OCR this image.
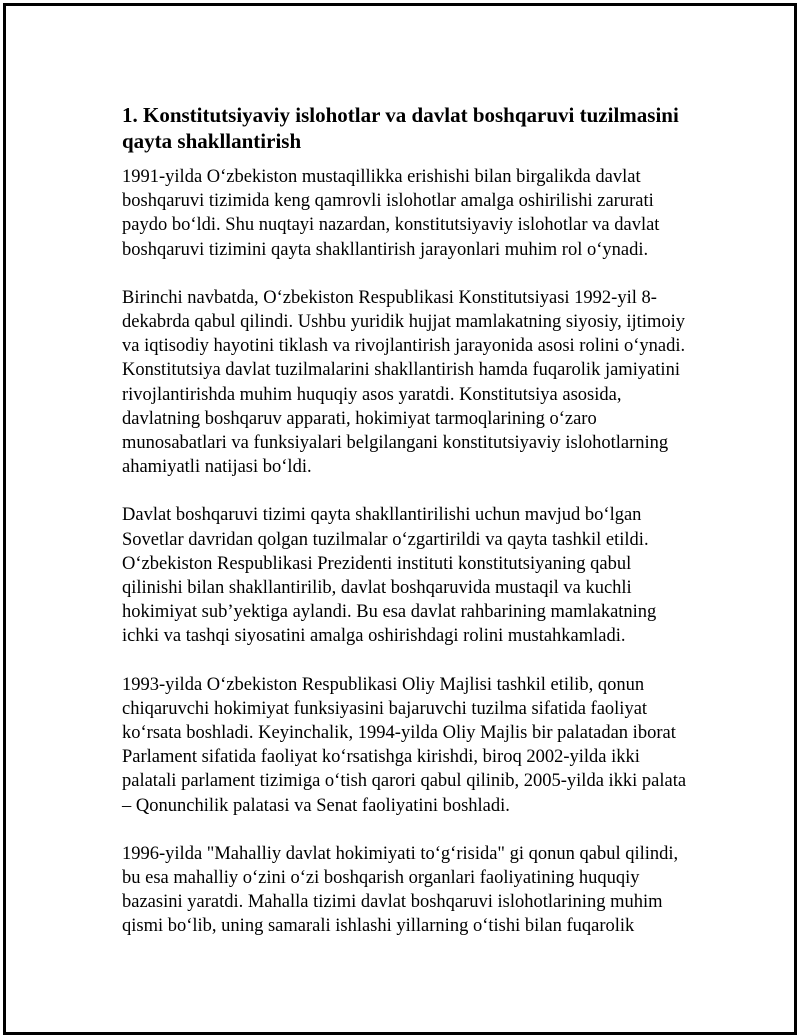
1. Konstitutsiyaviy islohotlar va davlat boshqaruvi tuzilmasini
qayta shakllantirish

1991-yilda O‘zbekiston mustaqillikka erishishi bilan birgalikda davlat
boshqaruvi tizimida keng qamrovli islohotlar amalga oshirilishi zarurati
paydo bo‘ldi. Shu nuqtayi nazardan, konstitutsiyaviy islohotlar va davlat
boshqaruvi tizimini qayta shakllantirish jarayonlari muhim rol o‘ynadi.

Birinchi navbatda, O‘zbekiston Respublikasi Konstitutsiyasi 1992-yil 8-
dekabrda qabul qilindi. Ushbu yuridik hujjat mamlakatning siyosiy, ijtimoiy
va iqtisodiy hayotini tiklash va rivojlantirish jarayonida asosi rolini o‘ynadi.
Konstitutsiya davlat tuzilmalarini shakllantirish hamda fuqarolik jamiyatini
rivojlantirishda muhim huquqiy asos yaratdi. Konstitutsiya asosida,
davlatning boshqaruv apparati, hokimiyat tarmoqlarining o‘zaro
munosabatlari va funksiyalari belgilangani konstitutsiyaviy islohotlarning
ahamiyatli natijasi bo‘ldi.

Davlat boshqaruvi tizimi qayta shakllantirilishi uchun mavjud bo‘lgan
Sovetlar davridan qolgan tuzilmalar o‘zgartirildi va qayta tashkil etildi.
O‘zbekiston Respublikasi Prezidenti instituti konstitutsiyaning qabul
qilinishi bilan shakllantirilib, davlat boshqaruvida mustaqil va kuchli
hokimiyat sub’yektiga aylandi. Bu esa davlat rahbarining mamlakatning
ichki va tashqi siyosatini amalga oshirishdagi rolini mustahkamladi.

1993-yilda O‘zbekiston Respublikasi Oliy Majlisi tashkil etilib, qonun
chiqaruvchi hokimiyat funksiyasini bajaruvchi tuzilma sifatida faoliyat
ko‘rsata boshladi. Keyinchalik, 1994-yilda Oliy Majlis bir palatadan iborat
Parlament sifatida faoliyat ko‘rsatishga kirishdi, biroq 2002-yilda ikki
palatali parlament tizimiga o‘tish qarori qabul qilinib, 2005-yilda ikki palata
– Qonunchilik palatasi va Senat faoliyatini boshladi.

1996-yilda "Mahalliy davlat hokimiyati to‘g‘risida" gi qonun qabul qilindi,
bu esa mahalliy o‘zini o‘zi boshqarish organlari faoliyatining huquqiy
bazasini yaratdi. Mahalla tizimi davlat boshqaruvi islohotlarining muhim
qismi bo‘lib, uning samarali ishlashi yillarning o‘tishi bilan fuqarolik
